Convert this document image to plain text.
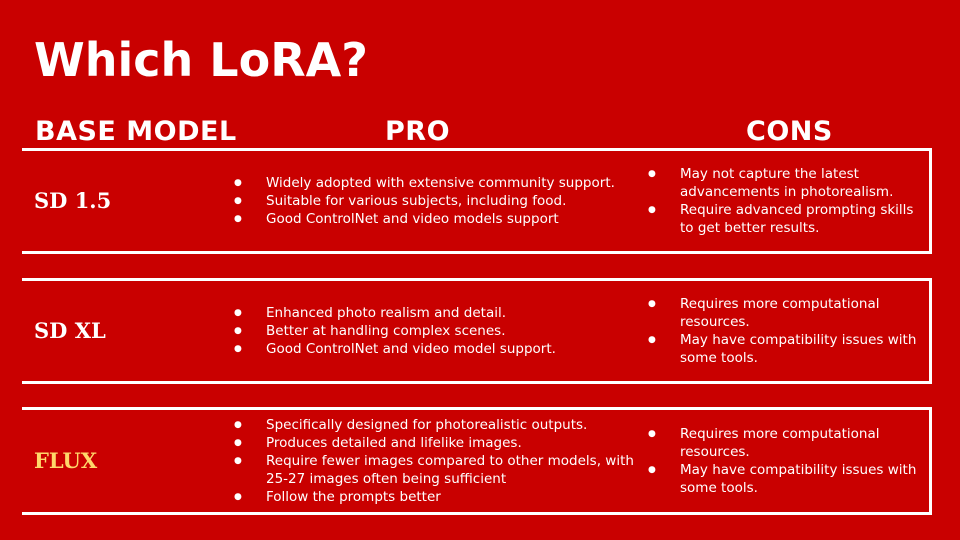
Which LoRA?
BASE MODEL	PRO	CONS
SD 1.5
● Widely adopted with extensive community support.
● Suitable for various subjects, including food.
● Good ControlNet and video models support
● May not capture the latest advancements in photorealism.
● Require advanced prompting skills to get better results.
SD XL
● Enhanced photo realism and detail.
● Better at handling complex scenes.
● Good ControlNet and video model support.
● Requires more computational resources.
● May have compatibility issues with some tools.
FLUX
● Specifically designed for photorealistic outputs.
● Produces detailed and lifelike images.
● Require fewer images compared to other models, with 25-27 images often being sufficient
● Follow the prompts better
● Requires more computational resources.
● May have compatibility issues with some tools.
